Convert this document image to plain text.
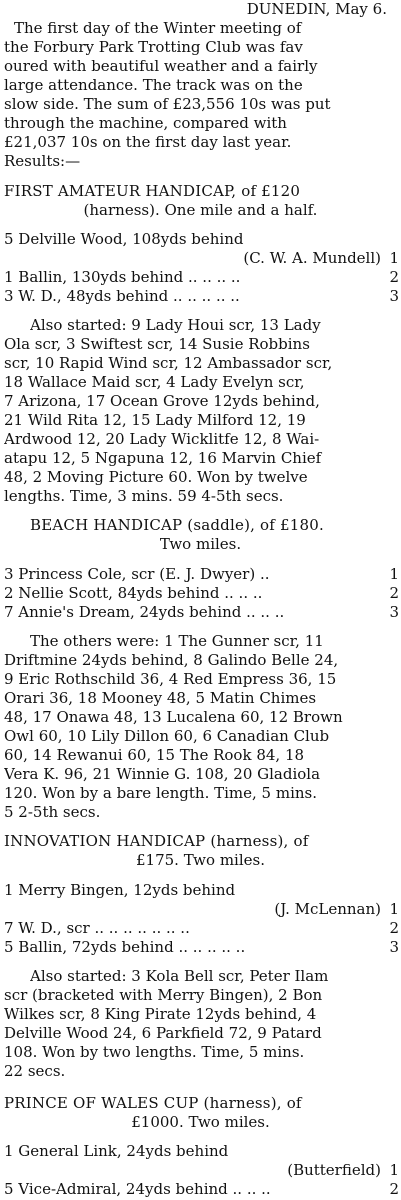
DUNEDIN, May 6.
The first day of the Winter meeting of
the Forbury Park Trotting Club was fav
oured with beautiful weather and a fairly
large attendance. The track was on the
slow side. The sum of £23,556 10s was put
through the machine, compared with
£21,037 10s on the first day last year.
Results:—
FIRST AMATEUR HANDICAP, of £120
(harness). One mile and a half.
5 Delville Wood, 108yds behind
(C. W. A. Mundell) 1
1 Ballin, 130yds behind .. .. .. ..	2
3 W. D., 48yds behind .. .. .. .. ..	3
Also started: 9 Lady Houi scr, 13 Lady
Ola scr, 3 Swiftest scr, 14 Susie Robbins
scr, 10 Rapid Wind scr, 12 Ambassador scr,
18 Wallace Maid scr, 4 Lady Evelyn scr,
7 Arizona, 17 Ocean Grove 12yds behind,
21 Wild Rita 12, 15 Lady Milford 12, 19
Ardwood 12, 20 Lady Wicklitfe 12, 8 Wai-
atapu 12, 5 Ngapuna 12, 16 Marvin Chief
48, 2 Moving Picture 60. Won by twelve
lengths. Time, 3 mins. 59 4-5th secs.
BEACH HANDICAP (saddle), of £180.
Two miles.
3 Princess Cole, scr (E. J. Dwyer) ..	1
2 Nellie Scott, 84yds behind .. .. ..	2
7 Annie's Dream, 24yds behind .. .. ..	3
The others were: 1 The Gunner scr, 11
Driftmine 24yds behind, 8 Galindo Belle 24,
9 Eric Rothschild 36, 4 Red Empress 36, 15
Orari 36, 18 Mooney 48, 5 Matin Chimes
48, 17 Onawa 48, 13 Lucalena 60, 12 Brown
Owl 60, 10 Lily Dillon 60, 6 Canadian Club
60, 14 Rewanui 60, 15 The Rook 84, 18
Vera K. 96, 21 Winnie G. 108, 20 Gladiola
120. Won by a bare length. Time, 5 mins.
5 2-5th secs.
INNOVATION HANDICAP (harness), of
£175. Two miles.
1 Merry Bingen, 12yds behind
(J. McLennan) 1
7 W. D., scr .. .. .. .. .. .. ..	2
5 Ballin, 72yds behind .. .. .. .. ..	3
Also started: 3 Kola Bell scr, Peter Ilam
scr (bracketed with Merry Bingen), 2 Bon
Wilkes scr, 8 King Pirate 12yds behind, 4
Delville Wood 24, 6 Parkfield 72, 9 Patard
108. Won by two lengths. Time, 5 mins.
22 secs.
PRINCE OF WALES CUP (harness), of
£1000. Two miles.
1 General Link, 24yds behind
(Butterfield) 1
5 Vice-Admiral, 24yds behind .. .. ..	2
